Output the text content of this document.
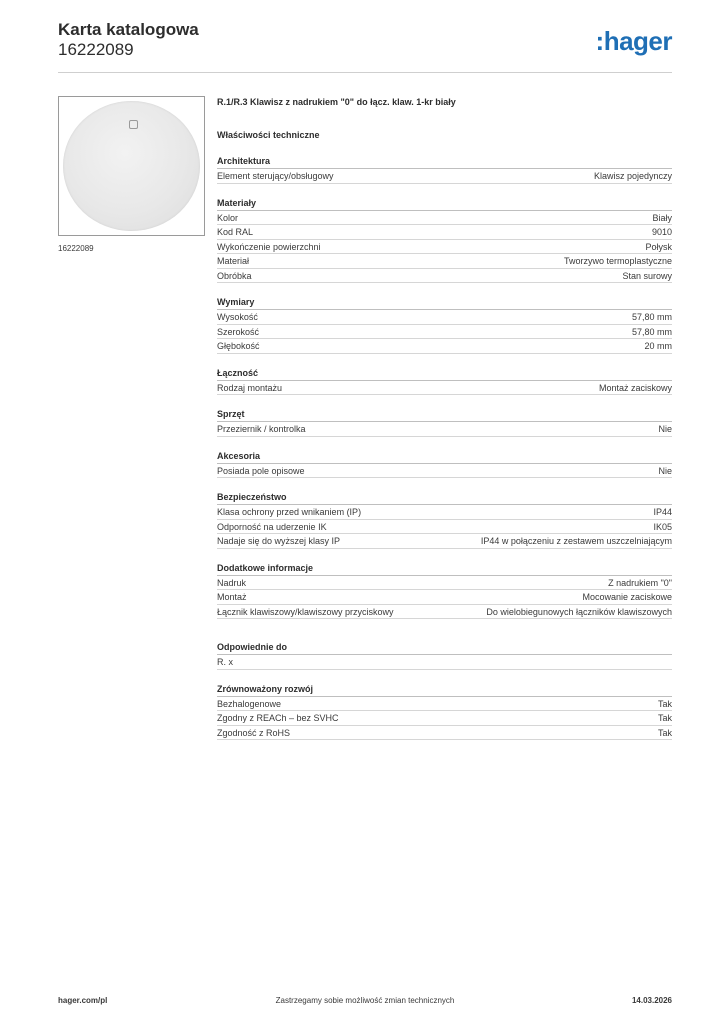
Karta katalogowa
16222089	:hager
16222089
R.1/R.3 Klawisz z nadrukiem "0" do łącz. klaw. 1-kr biały
Właściwości techniczne
Architektura
Element sterujący/obsługowy	Klawisz pojedynczy
Materiały
Kolor	Biały
Kod RAL	9010
Wykończenie powierzchni	Połysk
Materiał	Tworzywo termoplastyczne
Obróbka	Stan surowy
Wymiary
Wysokość	57,80 mm
Szerokość	57,80 mm
Głębokość	20 mm
Łączność
Rodzaj montażu	Montaż zaciskowy
Sprzęt
Przeziernik / kontrolka	Nie
Akcesoria
Posiada pole opisowe	Nie
Bezpieczeństwo
Klasa ochrony przed wnikaniem (IP)	IP44
Odporność na uderzenie IK	IK05
Nadaje się do wyższej klasy IP	IP44 w połączeniu z zestawem uszczelniającym
Dodatkowe informacje
Nadruk	Z nadrukiem "0"
Montaż	Mocowanie zaciskowe
Łącznik klawiszowy/klawiszowy przyciskowy	Do wielobiegunowych łączników klawiszowych
Odpowiednie do
R. x
Zrównoważony rozwój
Bezhalogenowe	Tak
Zgodny z REACh – bez SVHC	Tak
Zgodność z RoHS	Tak
hager.com/pl	Zastrzegamy sobie możliwość zmian technicznych	14.03.2026
